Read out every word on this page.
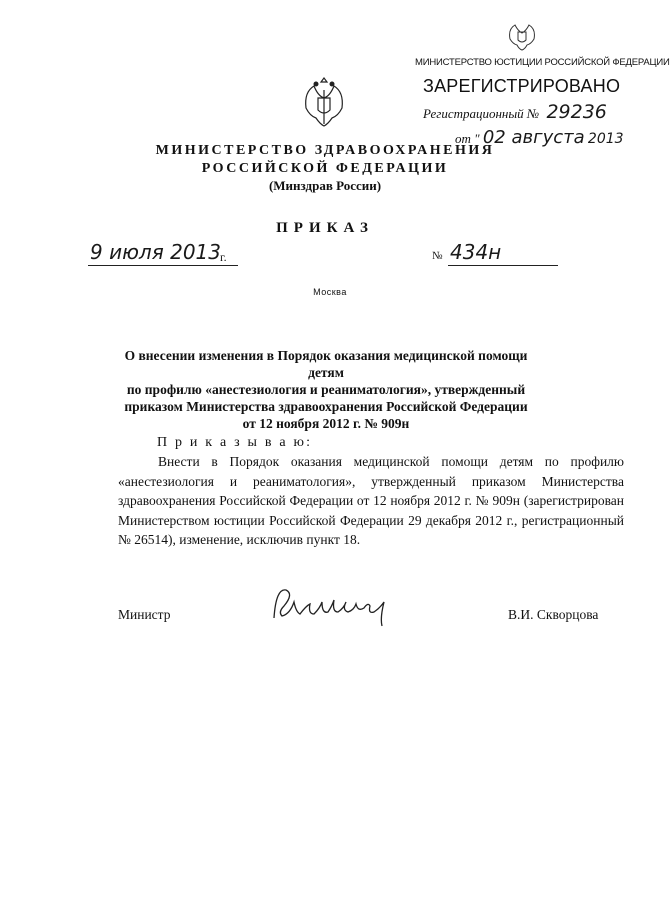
МИНИСТЕРСТВО ЮСТИЦИИ РОССИЙСКОЙ ФЕДЕРАЦИИ
ЗАРЕГИСТРИРОВАНО
Регистрационный № 29236
от " 02 августа 2013
МИНИСТЕРСТВО ЗДРАВООХРАНЕНИЯ
РОССИЙСКОЙ ФЕДЕРАЦИИ
(Минздрав России)
ПРИКАЗ
9 июля 2013 г.	№ 434н
Москва
О внесении изменения в Порядок оказания медицинской помощи детям
по профилю «анестезиология и реаниматология», утвержденный
приказом Министерства здравоохранения Российской Федерации
от 12 ноября 2012 г. № 909н
П р и к а з ы в а ю:

Внести в Порядок оказания медицинской помощи детям по профилю «анестезиология и реаниматология», утвержденный приказом Министерства здравоохранения Российской Федерации от 12 ноября 2012 г. № 909н (зарегистрирован Министерством юстиции Российской Федерации 29 декабря 2012 г., регистрационный № 26514), изменение, исключив пункт 18.

Министр	В.И. Скворцова
